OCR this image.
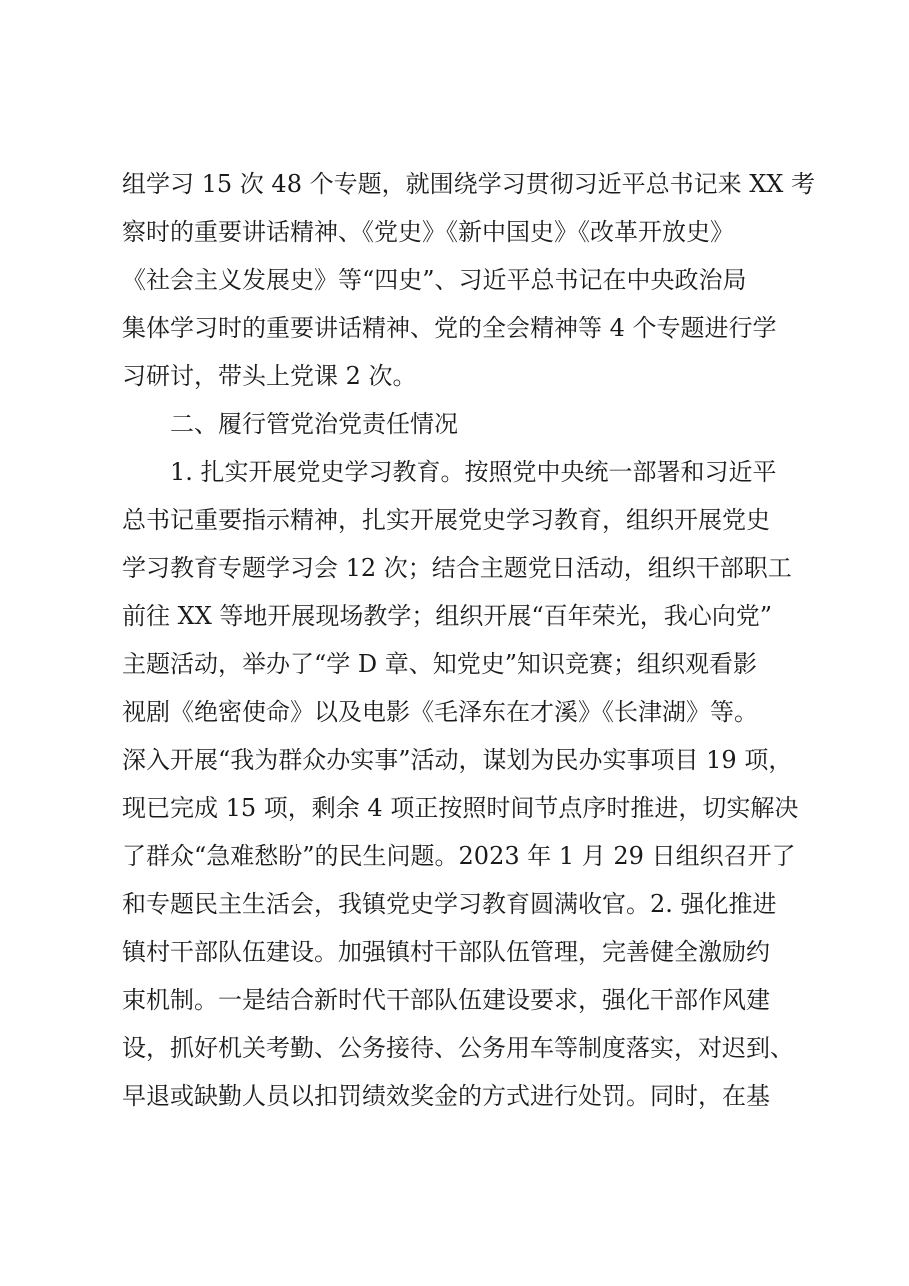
组学习 15 次 48 个专题，就围绕学习贯彻习近平总书记来 XX 考
察时的重要讲话精神、《党史》《新中国史》《改革开放史》
《社会主义发展史》等“四史”、习近平总书记在中央政治局
集体学习时的重要讲话精神、党的全会精神等 4 个专题进行学
习研讨，带头上党课 2 次。
二、履行管党治党责任情况
1. 扎实开展党史学习教育。按照党中央统一部署和习近平
总书记重要指示精神，扎实开展党史学习教育，组织开展党史
学习教育专题学习会 12 次；结合主题党日活动，组织干部职工
前往 XX 等地开展现场教学；组织开展“百年荣光，我心向党”
主题活动，举办了“学 D 章、知党史”知识竞赛；组织观看影
视剧《绝密使命》以及电影《毛泽东在才溪》《长津湖》等。
深入开展“我为群众办实事”活动，谋划为民办实事项目 19 项，
现已完成 15 项，剩余 4 项正按照时间节点序时推进，切实解决
了群众“急难愁盼”的民生问题。2023 年 1 月 29 日组织召开了
和专题民主生活会，我镇党史学习教育圆满收官。2. 强化推进
镇村干部队伍建设。加强镇村干部队伍管理，完善健全激励约
束机制。一是结合新时代干部队伍建设要求，强化干部作风建
设，抓好机关考勤、公务接待、公务用车等制度落实，对迟到、
早退或缺勤人员以扣罚绩效奖金的方式进行处罚。同时，在基
